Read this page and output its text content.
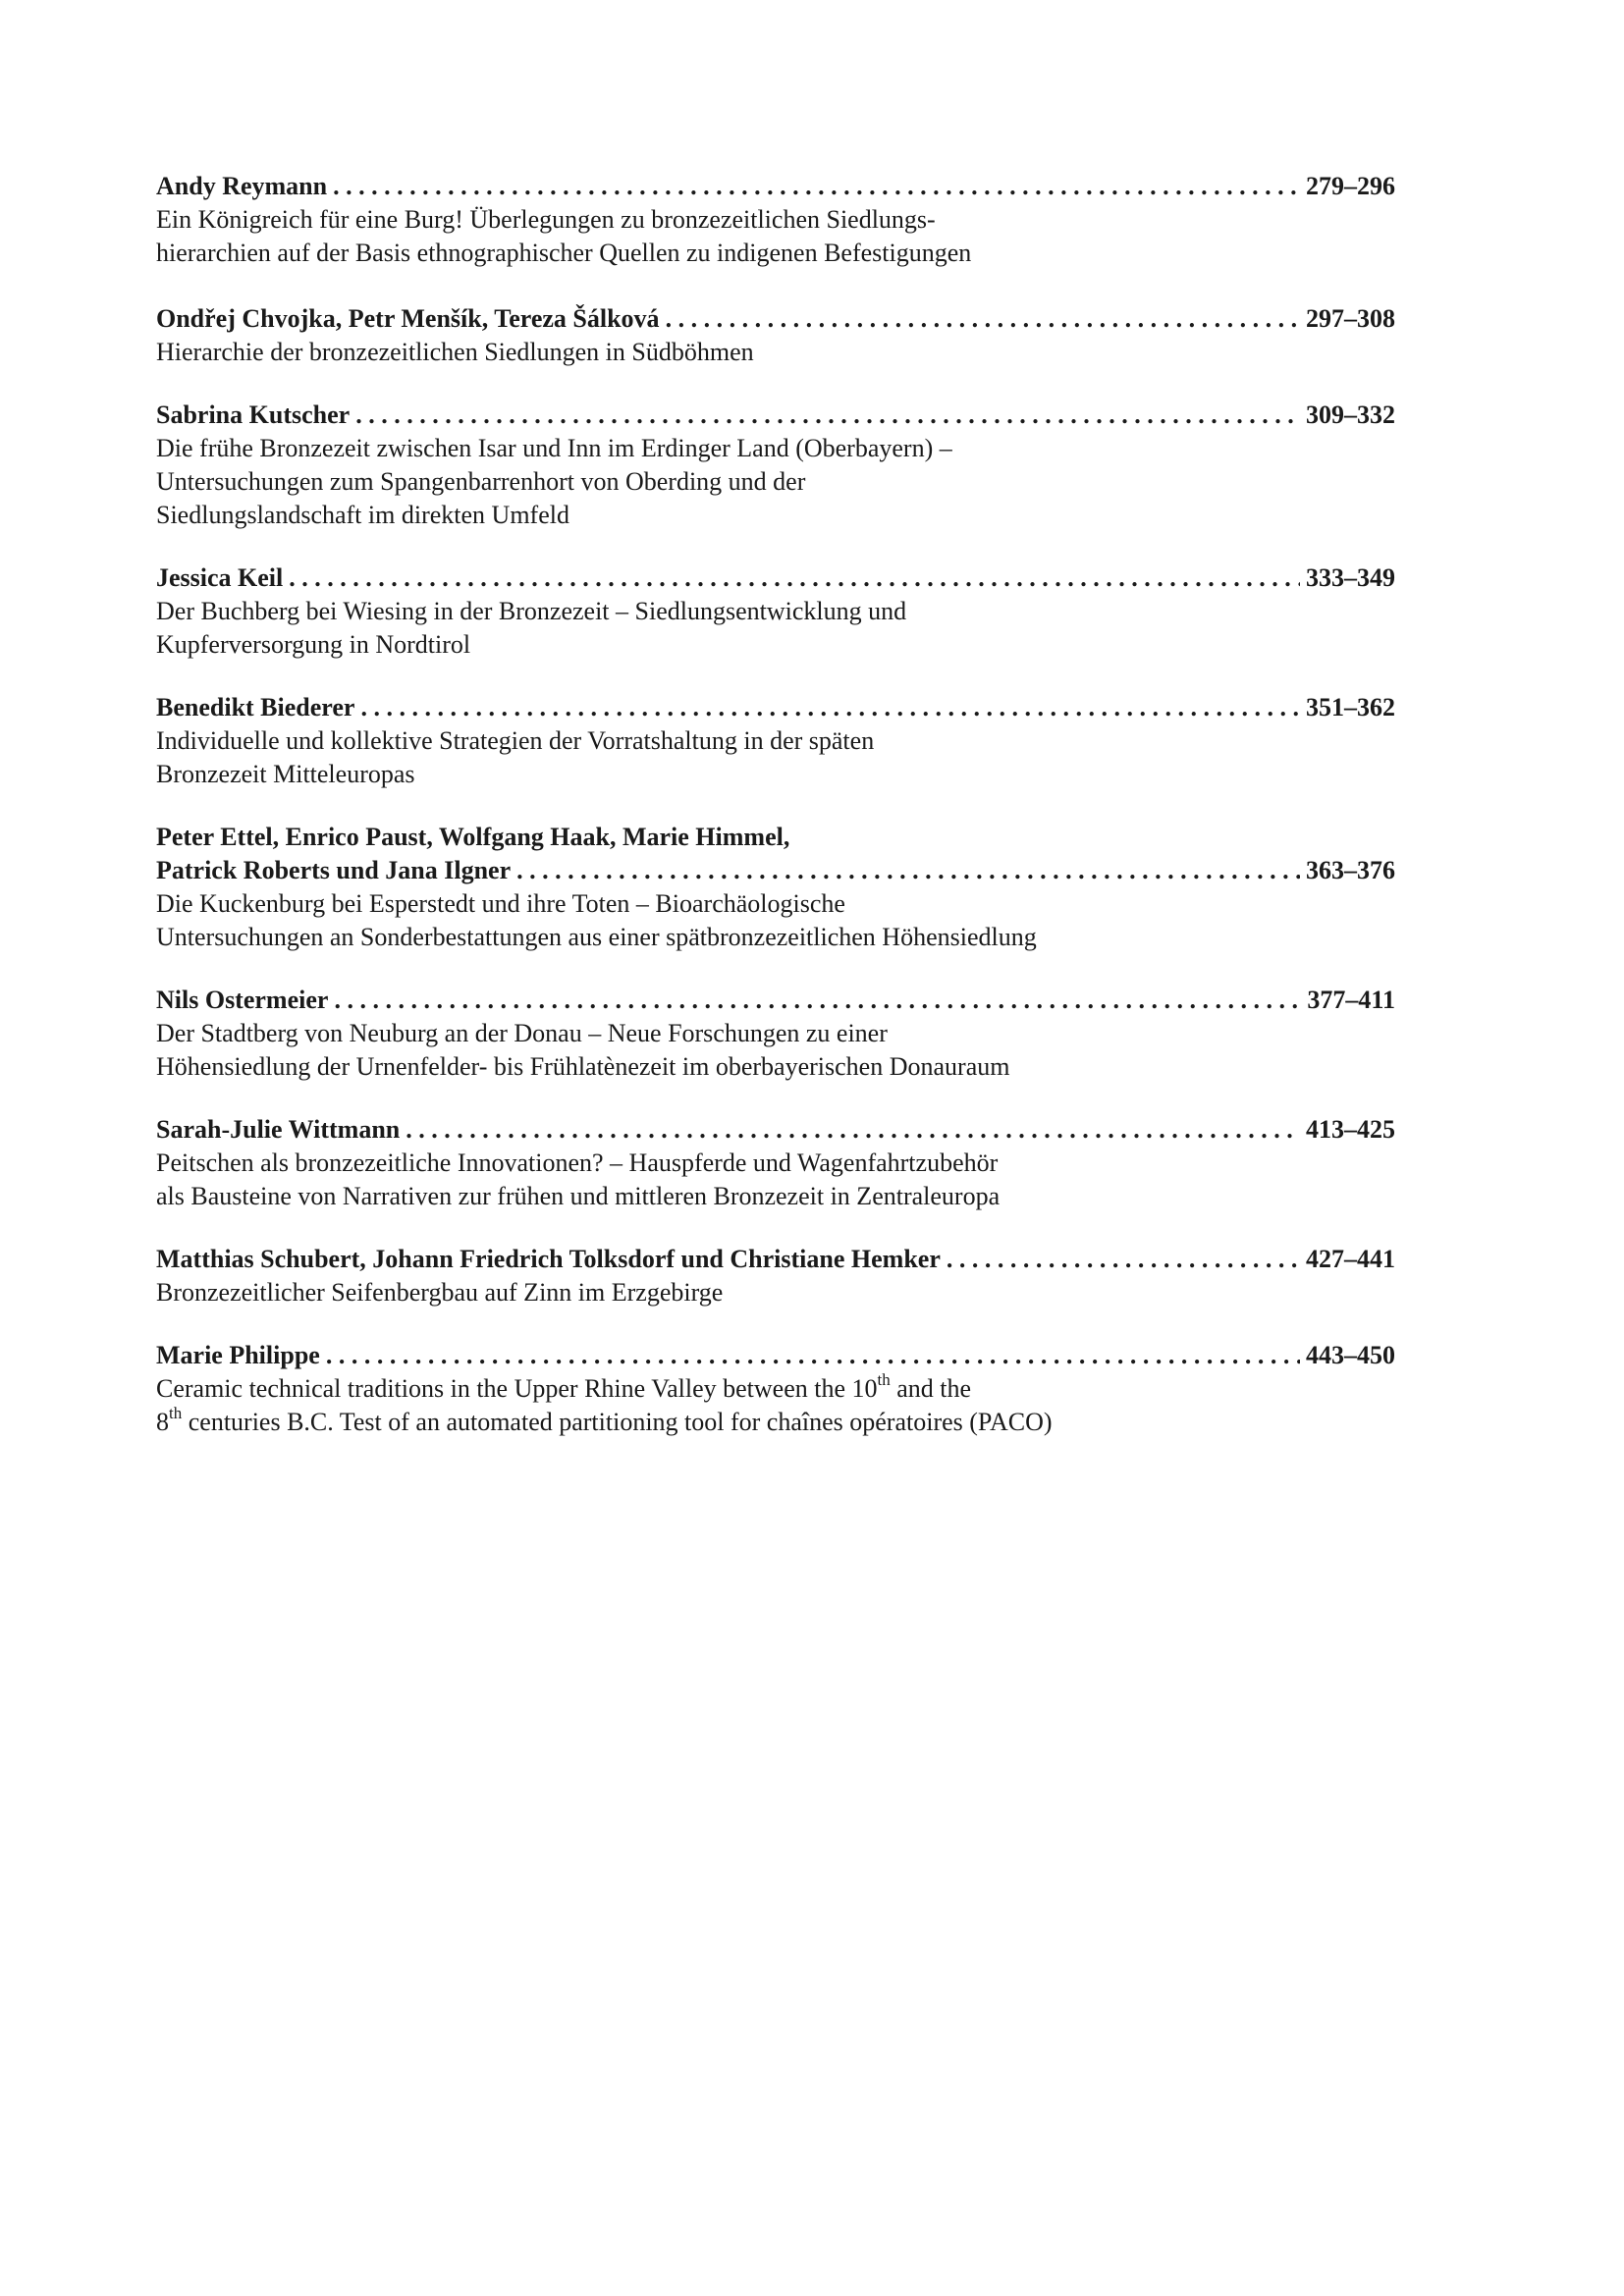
Andy Reymann . . .	279–296
Ein Königreich für eine Burg! Überlegungen zu bronzezeitlichen Siedlungs-
hierarchien auf der Basis ethnographischer Quellen zu indigenen Befestigungen
Ondřej Chvojka, Petr Menšík, Tereza Šálková . . .	297–308
Hierarchie der bronzezeitlichen Siedlungen in Südböhmen
Sabrina Kutscher . . .	309–332
Die frühe Bronzezeit zwischen Isar und Inn im Erdinger Land (Oberbayern) –
Untersuchungen zum Spangenbarrenhort von Oberding und der
Siedlungslandschaft im direkten Umfeld
Jessica Keil . . .	333–349
Der Buchberg bei Wiesing in der Bronzezeit – Siedlungsentwicklung und
Kupferversorgung in Nordtirol
Benedikt Biederer . . .	351–362
Individuelle und kollektive Strategien der Vorratshaltung in der späten
Bronzezeit Mitteleuropas
Peter Ettel, Enrico Paust, Wolfgang Haak, Marie Himmel,
Patrick Roberts und Jana Ilgner . . .	363–376
Die Kuckenburg bei Esperstedt und ihre Toten – Bioarchäologische
Untersuchungen an Sonderbestattungen aus einer spätbronzezeitlichen Höhensiedlung
Nils Ostermeier . . .	377–411
Der Stadtberg von Neuburg an der Donau – Neue Forschungen zu einer
Höhensiedlung der Urnenfelder- bis Frühlatènezeit im oberbayerischen Donauraum
Sarah-Julie Wittmann . . .	413–425
Peitschen als bronzezeitliche Innovationen? – Hauspferde und Wagenfahrtzubehör
als Bausteine von Narrativen zur frühen und mittleren Bronzezeit in Zentraleuropa
Matthias Schubert, Johann Friedrich Tolksdorf und Christiane Hemker . . .	427–441
Bronzezeitlicher Seifenbergbau auf Zinn im Erzgebirge
Marie Philippe . . .	443–450
Ceramic technical traditions in the Upper Rhine Valley between the 10th and the
8th centuries B.C. Test of an automated partitioning tool for chaînes opératoires (PACO)
